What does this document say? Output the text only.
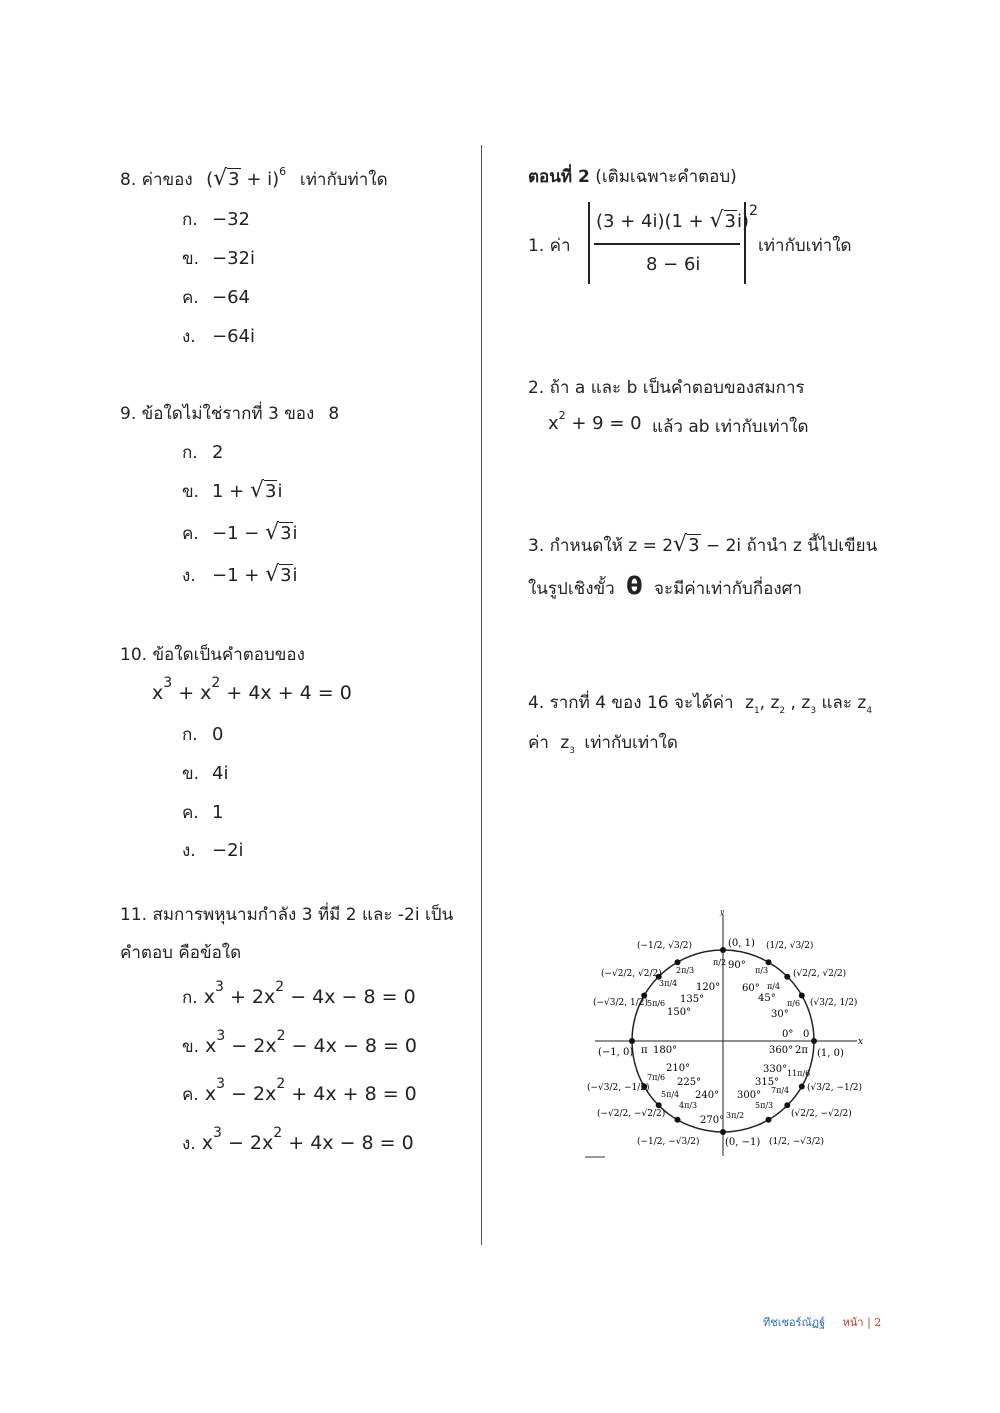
8. ค่าของ $(√3 + i)^6$ เท่ากับท่าใด
ก. −32
ข. −32i
ค. −64
ง. −64i
9. ข้อใดไม่ใช่รากที่ 3 ของ 8
ก. 2
ข. 1 + √3i
ค. −1 − √3i
ง. −1 + √3i
10. ข้อใดเป็นคำตอบของ
$x^3 + x^2 + 4x + 4 = 0$
ก. 0
ข. 4i
ค. 1
ง. −2i
11. สมการพหุนามกำลัง 3 ที่มี 2 และ -2i เป็น
คำตอบ คือข้อใด
ก. $x^3 + 2x^2 - 4x - 8 = 0$
ข. $x^3 - 2x^2 - 4x - 8 = 0$
ค. $x^3 - 2x^2 + 4x + 8 = 0$
ง. $x^3 - 2x^2 + 4x - 8 = 0$
ตอนที่ 2 (เติมเฉพาะคำตอบ)
1. ค่า
$(3 + 4i)(1 + √3i)^2$
8 − 6i
เท่ากับเท่าใด
2. ถ้า a และ b เป็นคำตอบของสมการ
$x^2 + 9 = 0$ แล้ว ab เท่ากับเท่าใด
3. กำหนดให้ z = 2√3 − 2i ถ้านำ z นี้ไปเขียน
ในรูปเชิงขั้ว θ จะมีค่าเท่ากับกี่องศา
4. รากที่ 4 ของ 16 จะได้ค่า $z_1$, $z_2$ , $z_3$ และ $z_4$
ค่า $z_3$ เท่ากับเท่าใด
x
y
(0, 1)
(0, −1)
(−1, 0)	(1, 0)
90°
60°
45°
30°
0°
360°
120°
135°
150°
180°
210°
225°
240°
270°
300°
315°
330°
π/2
π/3
π/4
π/6
0
2π
2π/3
3π/4
5π/6
π
7π/6
5π/4
4π/3
3π/2
5π/3
7π/4
11π/6
(1/2, √3/2)
(√2/2, √2/2)
(√3/2, 1/2)
(−1/2, √3/2)
(−√2/2, √2/2)
(−√3/2, 1/2)
(−√3/2, −1/2)
(−√2/2, −√2/2)
(−1/2, −√3/2)	(1/2, −√3/2)
(√2/2, −√2/2)
(√3/2, −1/2)
ทีชเชอร์ณัฏฐ์ หน้า | 2
